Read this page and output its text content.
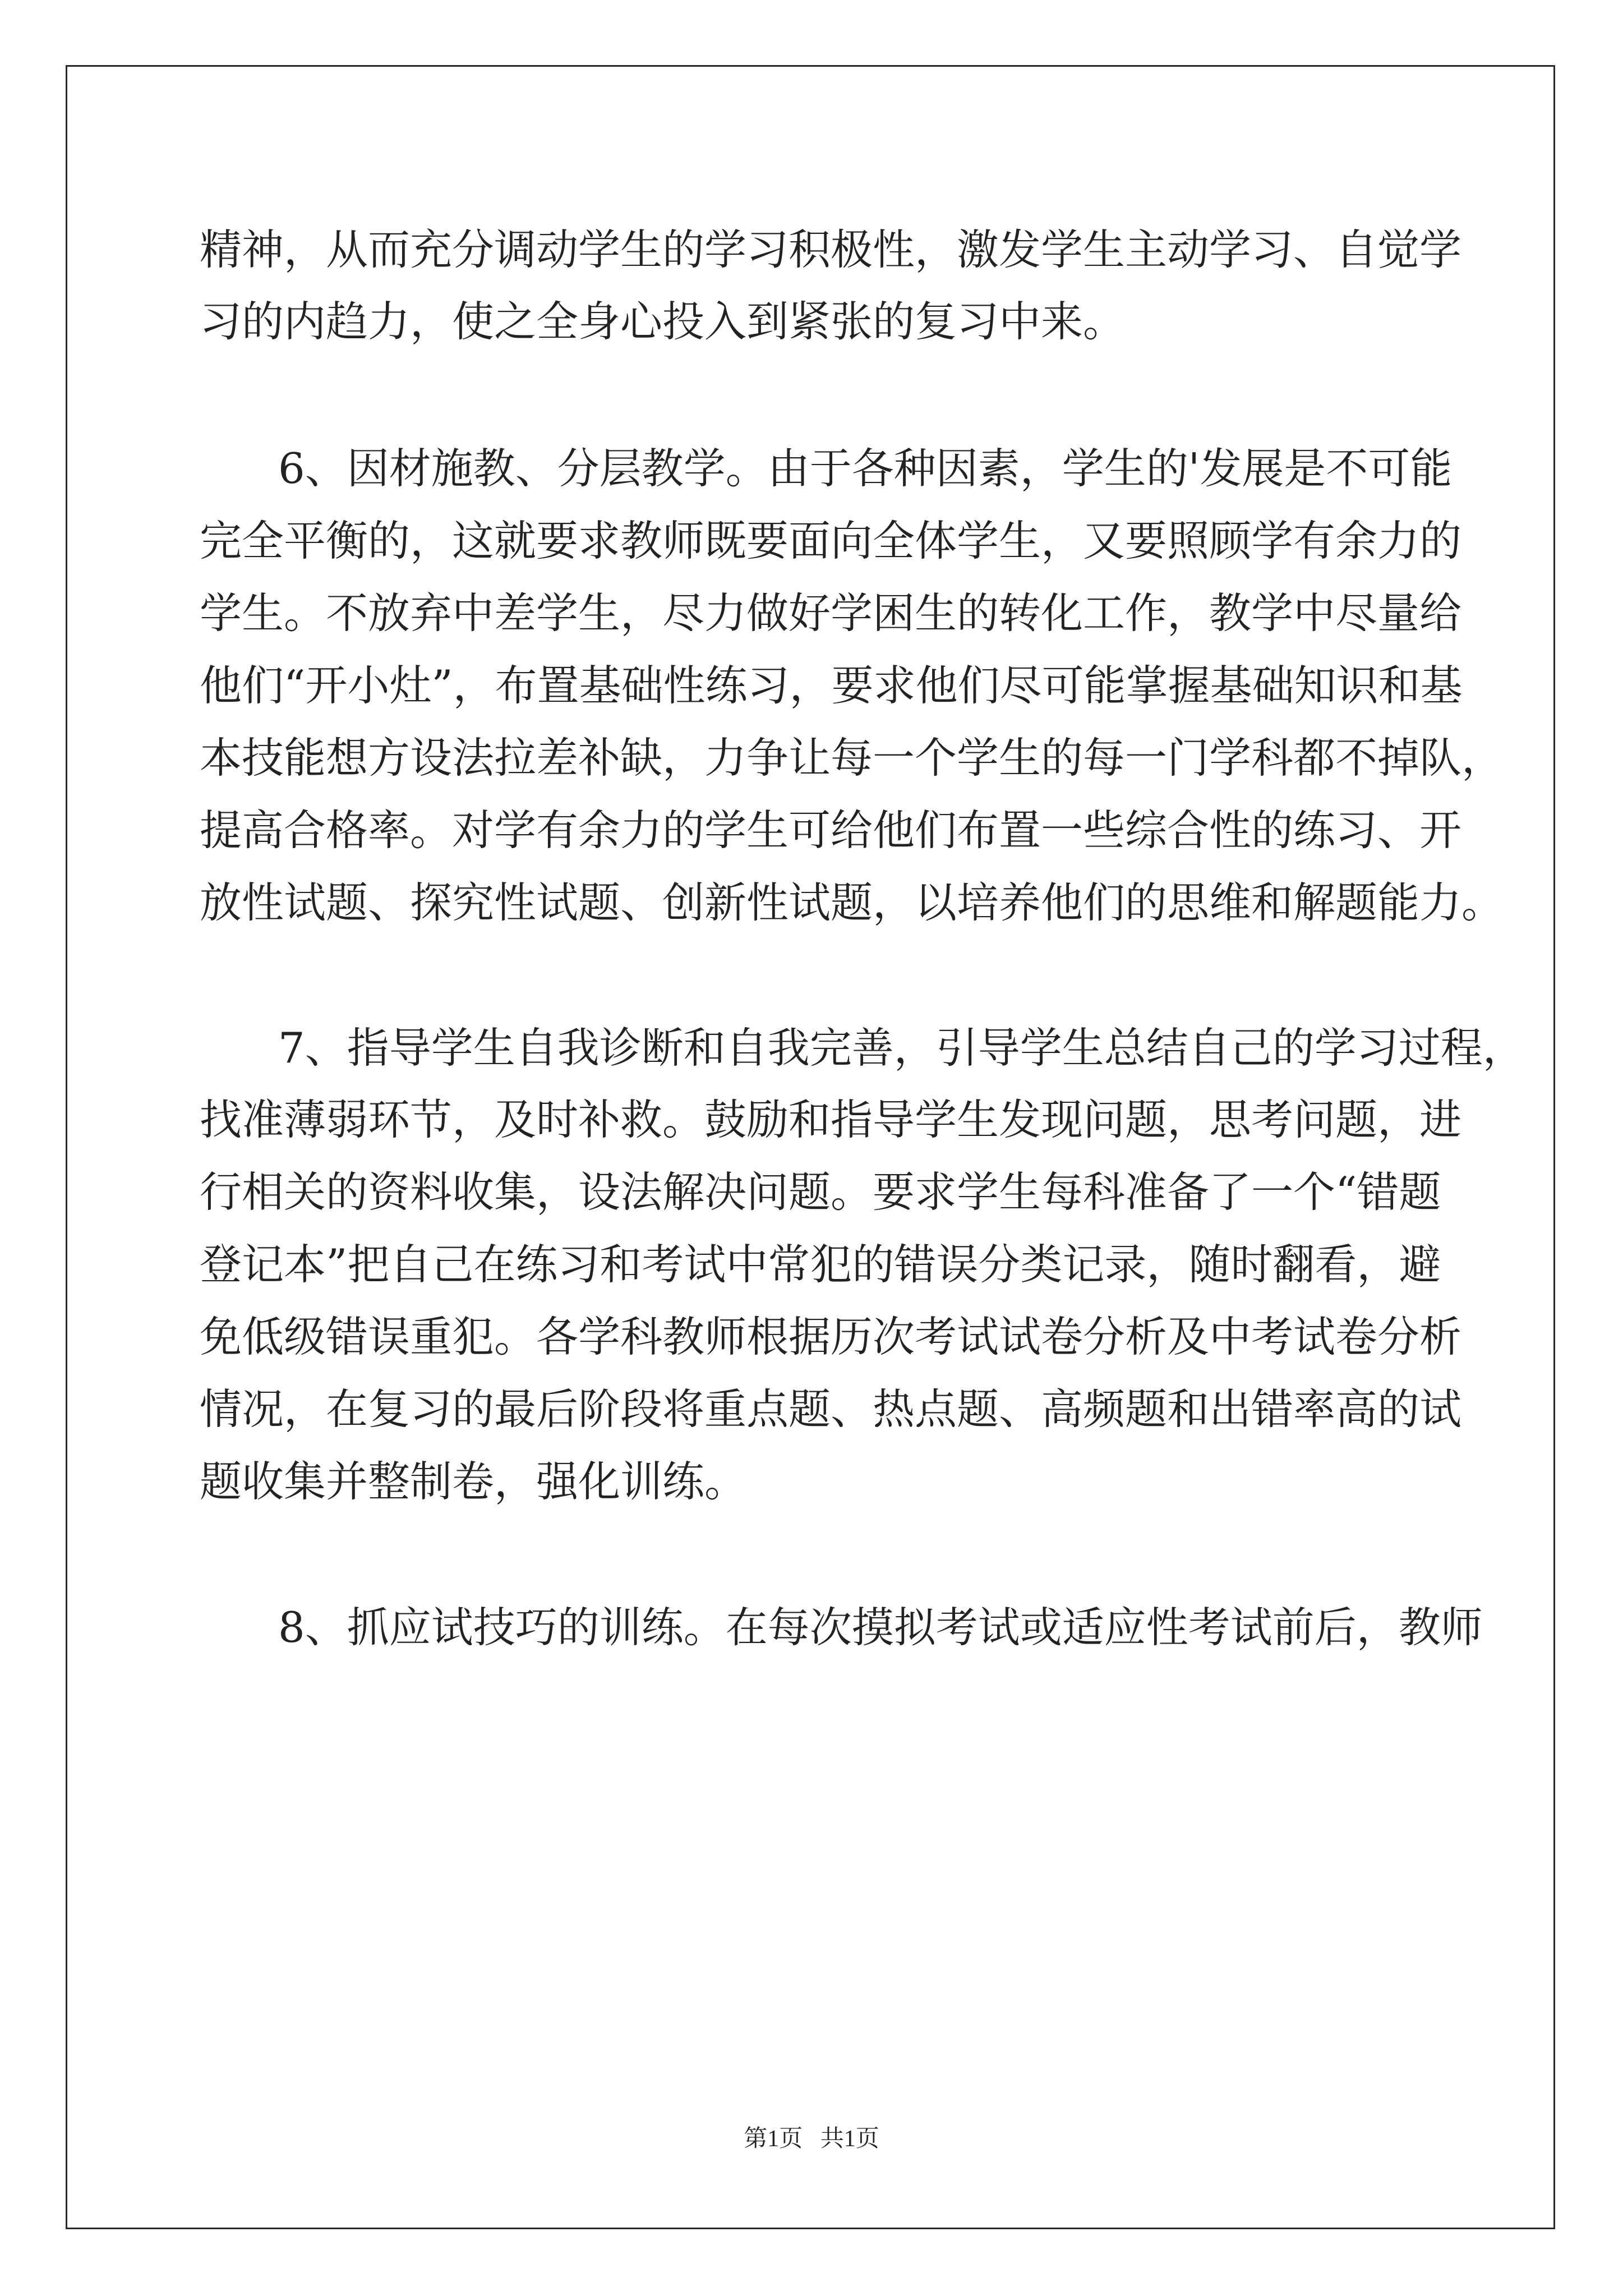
精神，从而充分调动学生的学习积极性，激发学生主动学习、自觉学

习的内趋力，使之全身心投入到紧张的复习中来。

6、因材施教、分层教学。由于各种因素，学生的'发展是不可能

完全平衡的，这就要求教师既要面向全体学生，又要照顾学有余力的

学生。不放弃中差学生，尽力做好学困生的转化工作，教学中尽量给

他们“开小灶”，布置基础性练习，要求他们尽可能掌握基础知识和基

本技能想方设法拉差补缺，力争让每一个学生的每一门学科都不掉队，

提高合格率。对学有余力的学生可给他们布置一些综合性的练习、开

放性试题、探究性试题、创新性试题，以培养他们的思维和解题能力。

7、指导学生自我诊断和自我完善，引导学生总结自己的学习过程，

找准薄弱环节，及时补救。鼓励和指导学生发现问题，思考问题，进

行相关的资料收集，设法解决问题。要求学生每科准备了一个“错题

登记本”把自己在练习和考试中常犯的错误分类记录，随时翻看，避

免低级错误重犯。各学科教师根据历次考试试卷分析及中考试卷分析

情况，在复习的最后阶段将重点题、热点题、高频题和出错率高的试

题收集并整制卷，强化训练。

8、抓应试技巧的训练。在每次摸拟考试或适应性考试前后，教师

第1页   共1页
